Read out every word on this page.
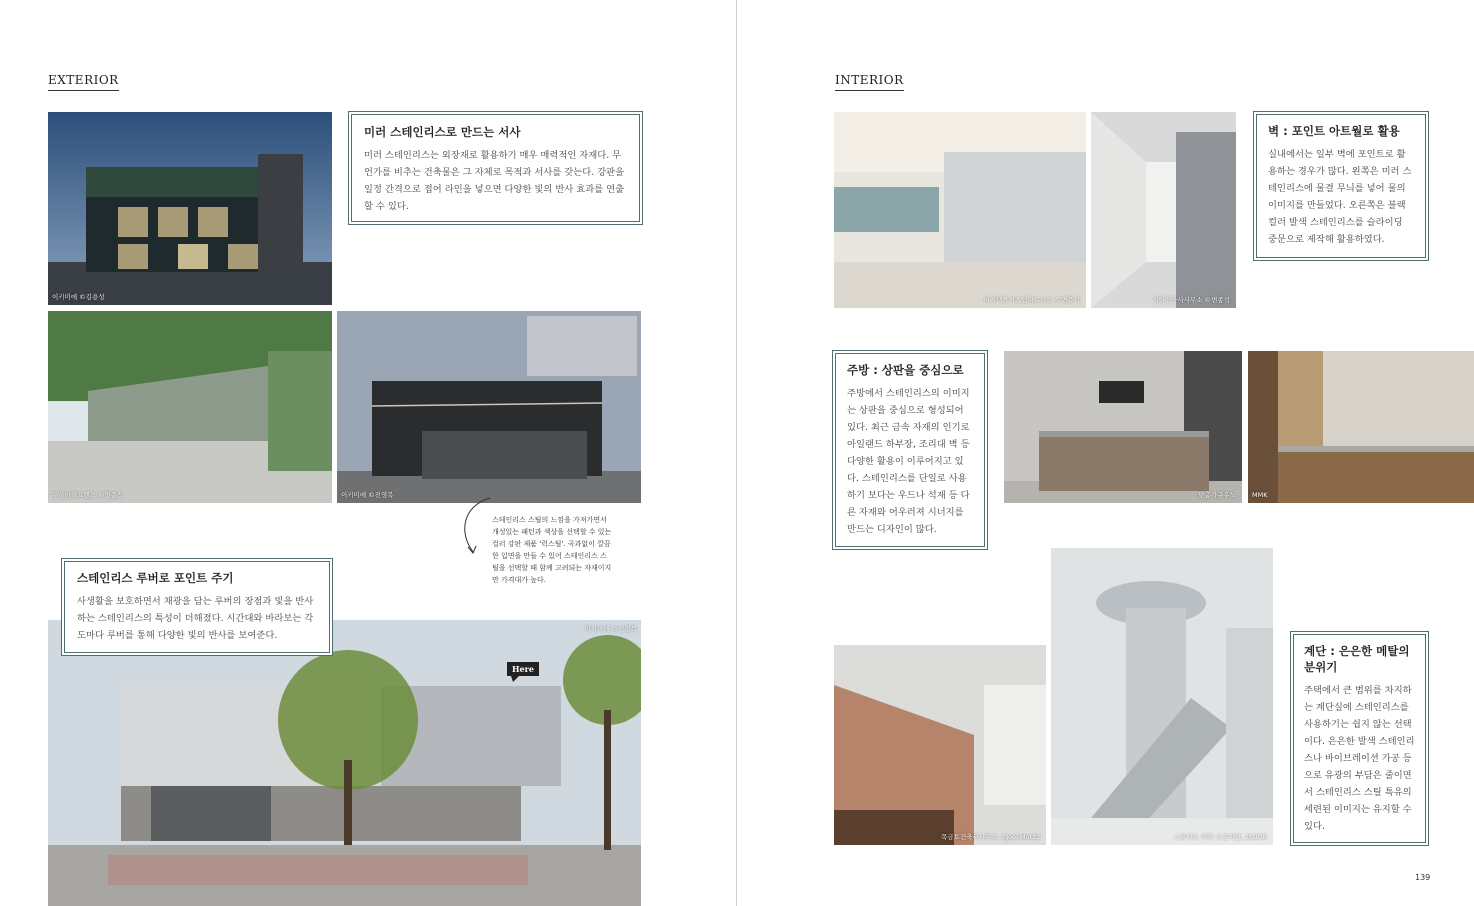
EXTERIOR
이키미에 ©김용성
미러 스테인리스로 만드는 서사

미러 스테인리스는 외장재로 활용하기 매우 매력적인 자재다. 무언가를 비추는 건축물은 그 자체로 목적과 서사를 갖는다. 강판을 일정 간격으로 접어 라인을 넣으면 다양한 빛의 반사 효과를 연출할 수 있다.

푸하하하프렌즈 ©변종석	이키미에 ©진영복
스테인리스 스틸의 느낌을 가져가면서 개성있는 패턴과 색상을 선택할 수 있는 컬러 강판 제품 '럭스틸'. 곡과없이 깔끔한 입면을 만들 수 있어 스테인리스 스틸을 선택할 때 함께 고려되는 자재이지만 가격대가 높다.
이키미에 ©진영복
Here
스테인리스 루버로 포인트 주기

사생활을 보호하면서 채광을 담는 루버의 장점과 빛을 반사하는 스테인리스의 특성이 더해졌다. 시간대와 바라보는 각도마다 루버를 통해 다양한 빛의 반사를 보여준다.

INTERIOR
아키텍츠커스텀파트너스 ©변종석	지안건축사사무소 ©변종석
벽 : 포인트 아트월로 활용

실내에서는 일부 벽에 포인트로 활용하는 경우가 많다. 왼쪽은 미러 스테인리스에 물결 무늬를 넣어 물의 이미지를 만들었다. 오른쪽은 블랙 컬러 발색 스테인리스를 슬라이딩 중문으로 제작해 활용하였다.

주방 : 상판을 중심으로

주방에서 스테인리스의 이미지는 상판을 중심으로 형성되어 있다. 최근 금속 자재의 인기로 아일랜드 하부장, 조리대 벽 등 다양한 활용이 이루어지고 있다. 스테인리스를 단일로 사용하기 보다는 우드나 석재 등 다른 자재와 어우러져 시너지를 만드는 디자인이 많다.

맞춤가구우노 MMK
목금토건축사사무소 ©Joel Moritz	스튜디오 이륙 ©손미현, 2LOOK
계단 : 은은한 메탈의 분위기

주택에서 큰 범위를 차지하는 계단실에 스테인리스를 사용하기는 쉽지 않는 선택이다. 은은한 발색 스테인리스나 바이브레이션 가공 등으로 유광의 부담은 줄이면서 스테인리스 스틸 특유의 세련된 이미지는 유지할 수 있다.

139
